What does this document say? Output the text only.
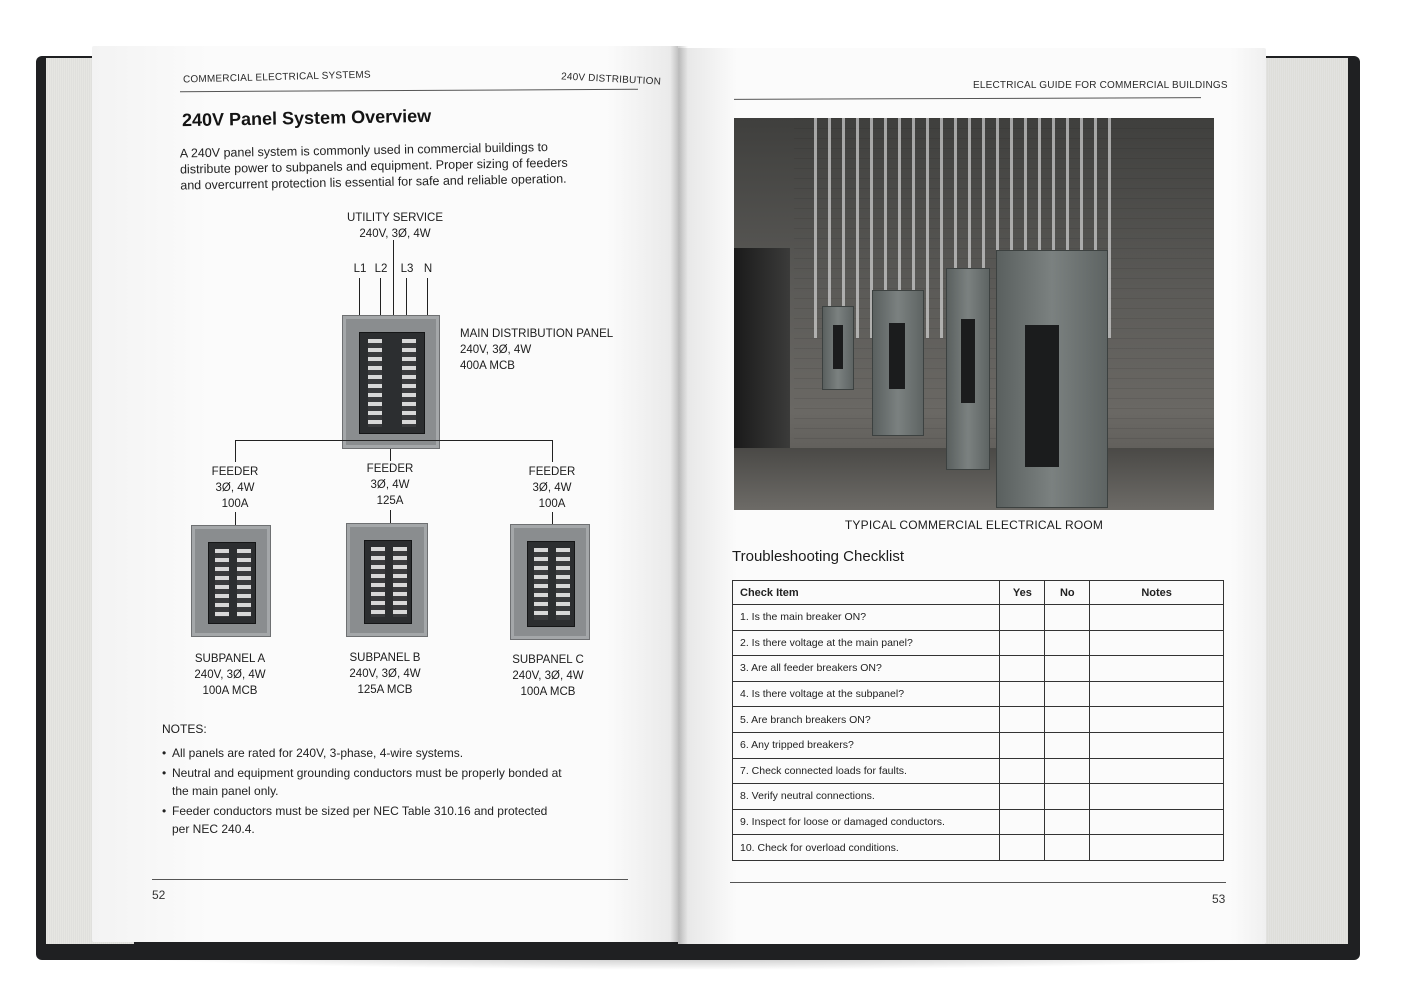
COMMERCIAL ELECTRICAL SYSTEMS	240V DISTRIBUTION
240V Panel System Overview
A 240V panel system is commonly used in commercial buildings to distribute power to subpanels and equipment. Proper sizing of feeders and overcurrent protection lis essential for safe and reliable operation.
UTILITY SERVICE
240V, 3Ø, 4W
L1 L2	L3 N
MAIN DISTRIBUTION PANEL
240V, 3Ø, 4W
400A MCB
FEEDER
3Ø, 4W
100A
FEEDER
3Ø, 4W
125A
FEEDER
3Ø, 4W
100A
SUBPANEL A
240V, 3Ø, 4W
100A MCB
SUBPANEL B
240V, 3Ø, 4W
125A MCB
SUBPANEL C
240V, 3Ø, 4W
100A MCB
NOTES:
• All panels are rated for 240V, 3-phase, 4-wire systems.
• Neutral and equipment grounding conductors must be properly bonded at the main panel only.
• Feeder conductors must be sized per NEC Table 310.16 and protected per NEC 240.4.
52
ELECTRICAL GUIDE FOR COMMERCIAL BUILDINGS
TYPICAL COMMERCIAL ELECTRICAL ROOM
Troubleshooting Checklist
Check Item	Yes	No	Notes
1. Is the main breaker ON?			
2. Is there voltage at the main panel?			
3. Are all feeder breakers ON?			
4. Is there voltage at the subpanel?			
5. Are branch breakers ON?			
6. Any tripped breakers?			
7. Check connected loads for faults.			
8. Verify neutral connections.			
9. Inspect for loose or damaged conductors.			
10. Check for overload conditions.			
53
